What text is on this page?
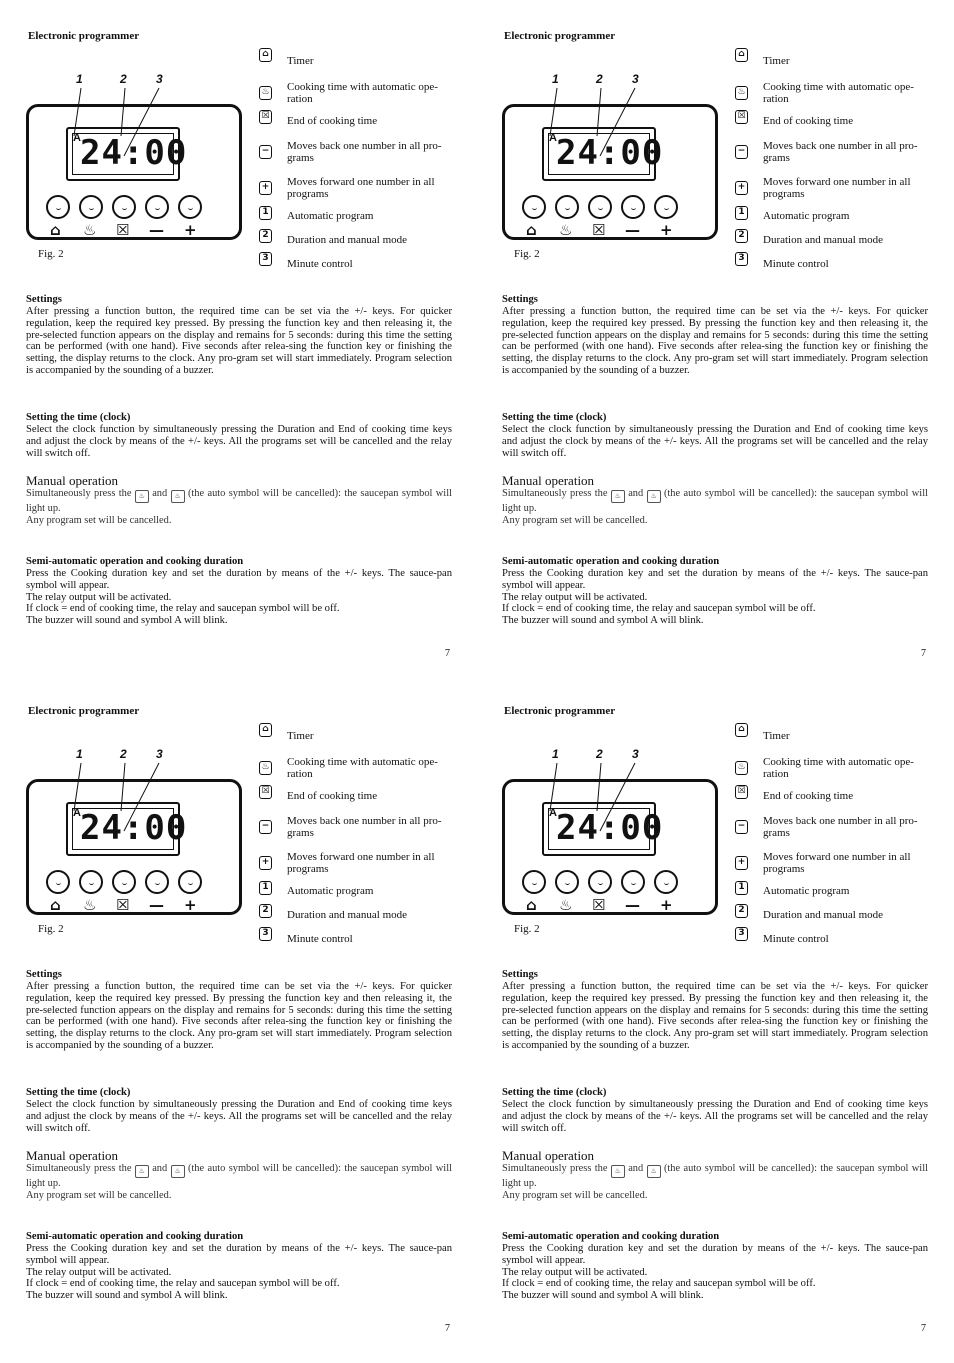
Electronic programmer
1	2 3
A 24:00
⌂ ♨ ☒ — +
Fig. 2
⌂
Timer
♨ Cooking time with automatic ope-ration
☒ End of cooking time
− Moves back one number in all pro-grams
+ Moves forward one number in all programs
1	Automatic program
2	Duration and manual mode
3	Minute control
Settings

After pressing a function button, the required time can be set via the +/- keys. For quicker regulation, keep the required key pressed. By pressing the function key and then releasing it, the pre-selected function appears on the display and remains for 5 seconds: during this time the setting can be performed (with one hand). Five seconds after relea-sing the function key or finishing the setting, the display returns to the clock. Any pro-gram set will start immediately. Program selection is accompanied by the sounding of a buzzer.

Setting the time (clock)

Select the clock function by simultaneously pressing the Duration and End of cooking time keys and adjust the clock by means of the +/- keys. All the programs set will be cancelled and the relay will switch off.

Manual operation

Simultaneously press the ♨ and ♨ (the auto symbol will be cancelled): the saucepan symbol will light up.

Any program set will be cancelled.

Semi-automatic operation and cooking duration

Press the Cooking duration key and set the duration by means of the +/- keys. The sauce-pan symbol will appear.

The relay output will be activated.

If clock = end of cooking time, the relay and saucepan symbol will be off.

The buzzer will sound and symbol A will blink.

7
Electronic programmer
1	2 3
A 24:00
⌂ ♨ ☒ — +
Fig. 2
⌂
Timer
♨ Cooking time with automatic ope-ration
☒ End of cooking time
− Moves back one number in all pro-grams
+ Moves forward one number in all programs
1	Automatic program
2	Duration and manual mode
3	Minute control
Settings

After pressing a function button, the required time can be set via the +/- keys. For quicker regulation, keep the required key pressed. By pressing the function key and then releasing it, the pre-selected function appears on the display and remains for 5 seconds: during this time the setting can be performed (with one hand). Five seconds after relea-sing the function key or finishing the setting, the display returns to the clock. Any pro-gram set will start immediately. Program selection is accompanied by the sounding of a buzzer.

Setting the time (clock)

Select the clock function by simultaneously pressing the Duration and End of cooking time keys and adjust the clock by means of the +/- keys. All the programs set will be cancelled and the relay will switch off.

Manual operation

Simultaneously press the ♨ and ♨ (the auto symbol will be cancelled): the saucepan symbol will light up.

Any program set will be cancelled.

Semi-automatic operation and cooking duration

Press the Cooking duration key and set the duration by means of the +/- keys. The sauce-pan symbol will appear.

The relay output will be activated.

If clock = end of cooking time, the relay and saucepan symbol will be off.

The buzzer will sound and symbol A will blink.

7
Electronic programmer
1	2 3
A 24:00
⌂ ♨ ☒ — +
Fig. 2
⌂
Timer
♨ Cooking time with automatic ope-ration
☒ End of cooking time
− Moves back one number in all pro-grams
+ Moves forward one number in all programs
1	Automatic program
2	Duration and manual mode
3	Minute control
Settings

After pressing a function button, the required time can be set via the +/- keys. For quicker regulation, keep the required key pressed. By pressing the function key and then releasing it, the pre-selected function appears on the display and remains for 5 seconds: during this time the setting can be performed (with one hand). Five seconds after relea-sing the function key or finishing the setting, the display returns to the clock. Any pro-gram set will start immediately. Program selection is accompanied by the sounding of a buzzer.

Setting the time (clock)

Select the clock function by simultaneously pressing the Duration and End of cooking time keys and adjust the clock by means of the +/- keys. All the programs set will be cancelled and the relay will switch off.

Manual operation

Simultaneously press the ♨ and ♨ (the auto symbol will be cancelled): the saucepan symbol will light up.

Any program set will be cancelled.

Semi-automatic operation and cooking duration

Press the Cooking duration key and set the duration by means of the +/- keys. The sauce-pan symbol will appear.

The relay output will be activated.

If clock = end of cooking time, the relay and saucepan symbol will be off.

The buzzer will sound and symbol A will blink.

7
Electronic programmer
1	2 3
A 24:00
⌂ ♨ ☒ — +
Fig. 2
⌂
Timer
♨ Cooking time with automatic ope-ration
☒ End of cooking time
− Moves back one number in all pro-grams
+ Moves forward one number in all programs
1	Automatic program
2	Duration and manual mode
3	Minute control
Settings

After pressing a function button, the required time can be set via the +/- keys. For quicker regulation, keep the required key pressed. By pressing the function key and then releasing it, the pre-selected function appears on the display and remains for 5 seconds: during this time the setting can be performed (with one hand). Five seconds after relea-sing the function key or finishing the setting, the display returns to the clock. Any pro-gram set will start immediately. Program selection is accompanied by the sounding of a buzzer.

Setting the time (clock)

Select the clock function by simultaneously pressing the Duration and End of cooking time keys and adjust the clock by means of the +/- keys. All the programs set will be cancelled and the relay will switch off.

Manual operation

Simultaneously press the ♨ and ♨ (the auto symbol will be cancelled): the saucepan symbol will light up.

Any program set will be cancelled.

Semi-automatic operation and cooking duration

Press the Cooking duration key and set the duration by means of the +/- keys. The sauce-pan symbol will appear.

The relay output will be activated.

If clock = end of cooking time, the relay and saucepan symbol will be off.

The buzzer will sound and symbol A will blink.

7
